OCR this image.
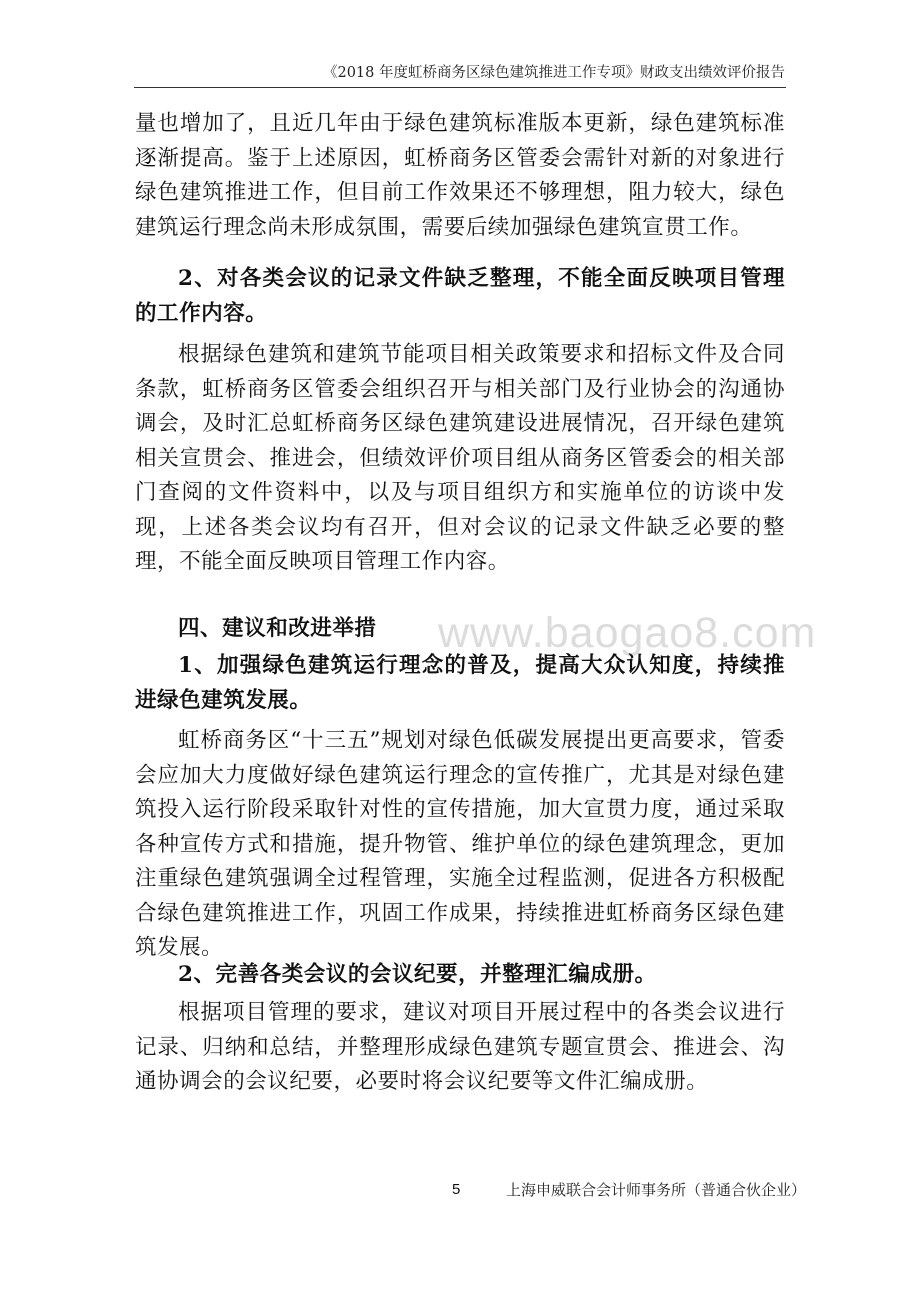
《2018 年度虹桥商务区绿色建筑推进工作专项》财政支出绩效评价报告
www.baogao8.com
量也增加了，且近几年由于绿色建筑标准版本更新，绿色建筑标准逐渐提高。鉴于上述原因，虹桥商务区管委会需针对新的对象进行绿色建筑推进工作，但目前工作效果还不够理想，阻力较大，绿色建筑运行理念尚未形成氛围，需要后续加强绿色建筑宣贯工作。
2、对各类会议的记录文件缺乏整理，不能全面反映项目管理的工作内容。
根据绿色建筑和建筑节能项目相关政策要求和招标文件及合同条款，虹桥商务区管委会组织召开与相关部门及行业协会的沟通协调会，及时汇总虹桥商务区绿色建筑建设进展情况，召开绿色建筑相关宣贯会、推进会，但绩效评价项目组从商务区管委会的相关部门查阅的文件资料中，以及与项目组织方和实施单位的访谈中发现，上述各类会议均有召开，但对会议的记录文件缺乏必要的整理，不能全面反映项目管理工作内容。
四、建议和改进举措
1、加强绿色建筑运行理念的普及，提高大众认知度，持续推进绿色建筑发展。
虹桥商务区“十三五”规划对绿色低碳发展提出更高要求，管委会应加大力度做好绿色建筑运行理念的宣传推广，尤其是对绿色建筑投入运行阶段采取针对性的宣传措施，加大宣贯力度，通过采取各种宣传方式和措施，提升物管、维护单位的绿色建筑理念，更加注重绿色建筑强调全过程管理，实施全过程监测，促进各方积极配合绿色建筑推进工作，巩固工作成果，持续推进虹桥商务区绿色建筑发展。
2、完善各类会议的会议纪要，并整理汇编成册。
根据项目管理的要求，建议对项目开展过程中的各类会议进行记录、归纳和总结，并整理形成绿色建筑专题宣贯会、推进会、沟通协调会的会议纪要，必要时将会议纪要等文件汇编成册。
5	上海申威联合会计师事务所（普通合伙企业）
